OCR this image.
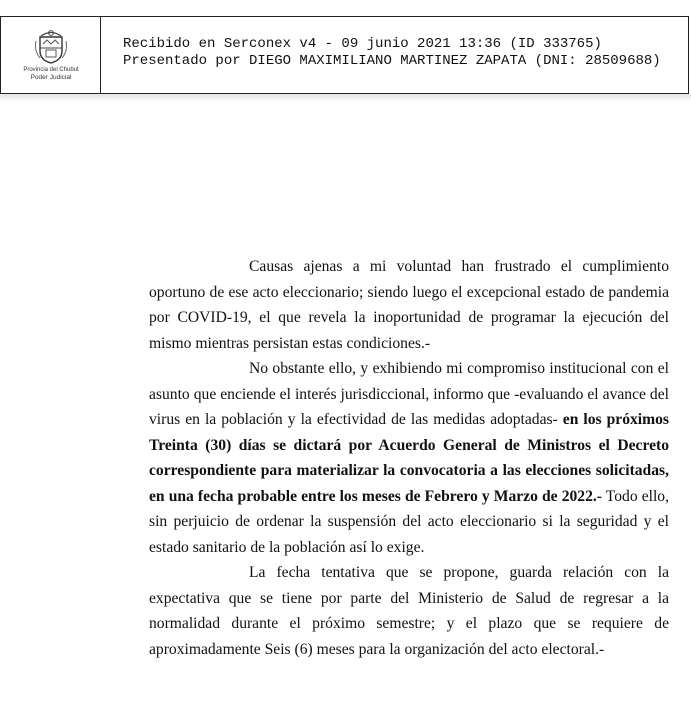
Provincia del Chubut
Poder Judicial
Recibido en Serconex v4 - 09 junio 2021 13:36 (ID 333765)
Presentado por DIEGO MAXIMILIANO MARTINEZ ZAPATA (DNI: 28509688)

Causas ajenas a mi voluntad han frustrado el cumplimiento oportuno de ese acto eleccionario; siendo luego el excepcional estado de pandemia por COVID-19, el que revela la inoportunidad de programar la ejecución del mismo mientras persistan estas condiciones.-

No obstante ello, y exhibiendo mi compromiso institucional con el asunto que enciende el interés jurisdiccional, informo que -evaluando el avance del virus en la población y la efectividad de las medidas adoptadas- en los próximos Treinta (30) días se dictará por Acuerdo General de Ministros el Decreto correspondiente para materializar la convocatoria a las elecciones solicitadas, en una fecha probable entre los meses de Febrero y Marzo de 2022.- Todo ello, sin perjuicio de ordenar la suspensión del acto eleccionario si la seguridad y el estado sanitario de la población así lo exige.

La fecha tentativa que se propone, guarda relación con la expectativa que se tiene por parte del Ministerio de Salud de regresar a la normalidad durante el próximo semestre; y el plazo que se requiere de aproximadamente Seis (6) meses para la organización del acto electoral.-
